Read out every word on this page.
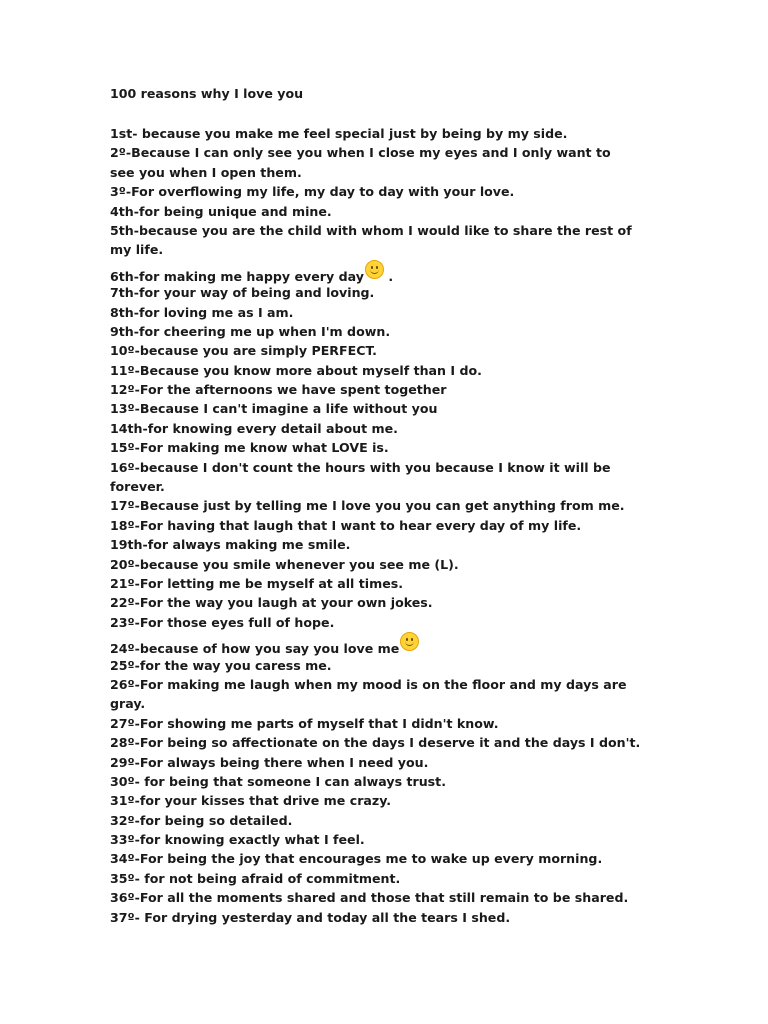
100 reasons why I love you
1st- because you make me feel special just by being by my side.
2º-Because I can only see you when I close my eyes and I only want to
see you when I open them.
3º-For overflowing my life, my day to day with your love.
4th-for being unique and mine.
5th-because you are the child with whom I would like to share the rest of
my life.
6th-for making me happy every day
.
7th-for your way of being and loving.
8th-for loving me as I am.
9th-for cheering me up when I'm down.
10º-because you are simply PERFECT.
11º-Because you know more about myself than I do.
12º-For the afternoons we have spent together
13º-Because I can't imagine a life without you
14th-for knowing every detail about me.
15º-For making me know what LOVE is.
16º-because I don't count the hours with you because I know it will be
forever.
17º-Because just by telling me I love you you can get anything from me.
18º-For having that laugh that I want to hear every day of my life.
19th-for always making me smile.
20º-because you smile whenever you see me (L).
21º-For letting me be myself at all times.
22º-For the way you laugh at your own jokes.
23º-For those eyes full of hope.
24º-because of how you say you love me
25º-for the way you caress me.
26º-For making me laugh when my mood is on the floor and my days are
gray.
27º-For showing me parts of myself that I didn't know.
28º-For being so affectionate on the days I deserve it and the days I don't.
29º-For always being there when I need you.
30º- for being that someone I can always trust.
31º-for your kisses that drive me crazy.
32º-for being so detailed.
33º-for knowing exactly what I feel.
34º-For being the joy that encourages me to wake up every morning.
35º- for not being afraid of commitment.
36º-For all the moments shared and those that still remain to be shared.
37º- For drying yesterday and today all the tears I shed.
